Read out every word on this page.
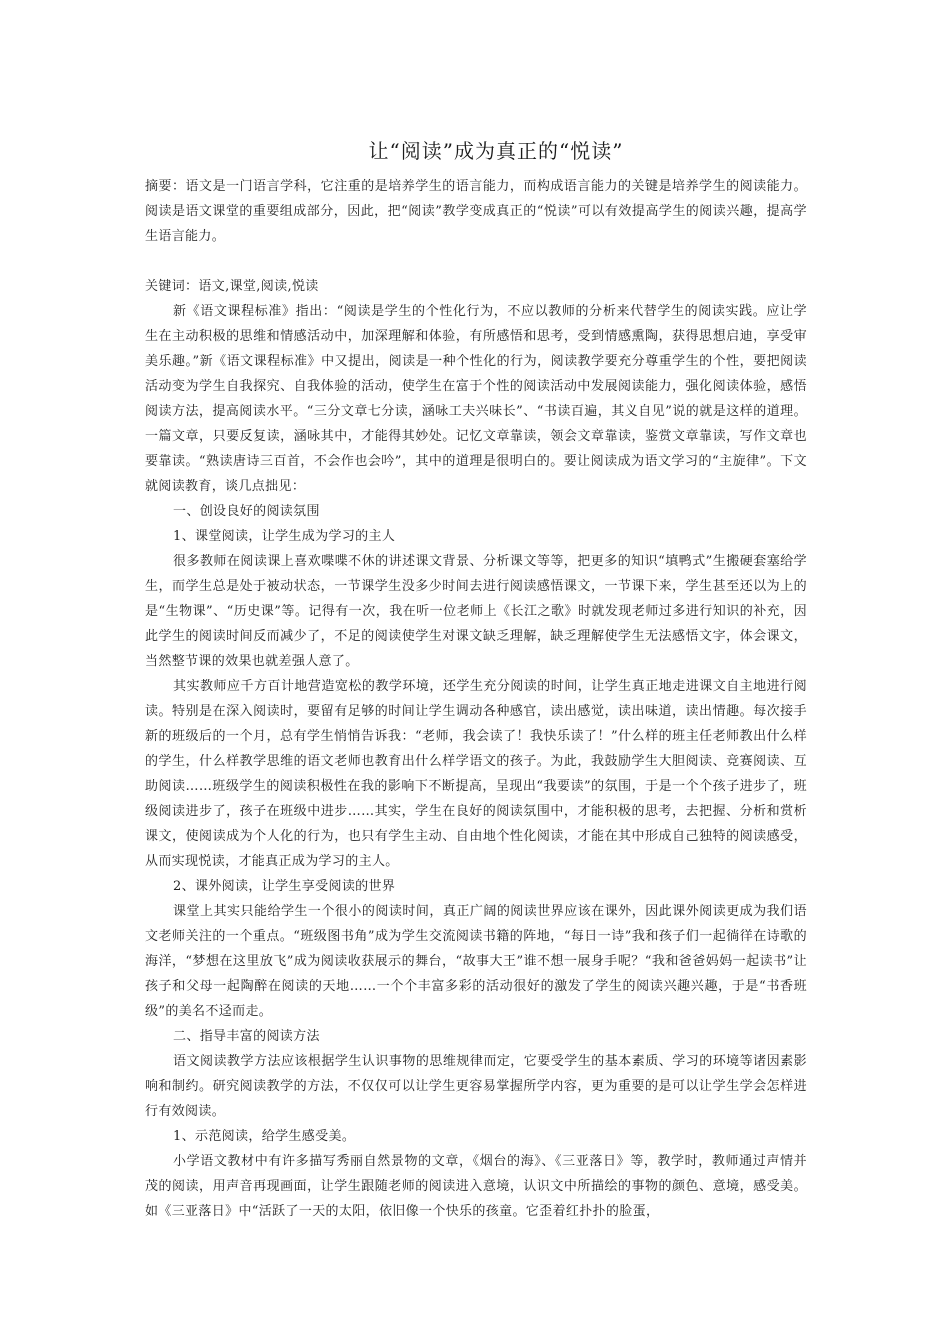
让“阅读”成为真正的“悦读”

摘要：语文是一门语言学科，它注重的是培养学生的语言能力，而构成语言能力的关键是培养学生的阅读能力。阅读是语文课堂的重要组成部分，因此，把“阅读”教学变成真正的“悦读”可以有效提高学生的阅读兴趣，提高学生语言能力。

关键词：语文,课堂,阅读,悦读

新《语文课程标准》指出：“阅读是学生的个性化行为，不应以教师的分析来代替学生的阅读实践。应让学生在主动积极的思维和情感活动中，加深理解和体验，有所感悟和思考，受到情感熏陶，获得思想启迪，享受审美乐趣。”新《语文课程标准》中又提出，阅读是一种个性化的行为，阅读教学要充分尊重学生的个性，要把阅读活动变为学生自我探究、自我体验的活动，使学生在富于个性的阅读活动中发展阅读能力，强化阅读体验，感悟阅读方法，提高阅读水平。“三分文章七分读，涵咏工夫兴味长”、“书读百遍，其义自见”说的就是这样的道理。一篇文章，只要反复读，涵咏其中，才能得其妙处。记忆文章靠读，领会文章靠读，鉴赏文章靠读，写作文章也要靠读。“熟读唐诗三百首，不会作也会吟”，其中的道理是很明白的。要让阅读成为语文学习的“主旋律”。下文就阅读教育，谈几点拙见：

一、创设良好的阅读氛围

1、课堂阅读，让学生成为学习的主人

很多教师在阅读课上喜欢喋喋不休的讲述课文背景、分析课文等等，把更多的知识“填鸭式”生搬硬套塞给学生，而学生总是处于被动状态，一节课学生没多少时间去进行阅读感悟课文，一节课下来，学生甚至还以为上的是“生物课”、“历史课”等。记得有一次，我在听一位老师上《长江之歌》时就发现老师过多进行知识的补充，因此学生的阅读时间反而减少了，不足的阅读使学生对课文缺乏理解，缺乏理解使学生无法感悟文字，体会课文，当然整节课的效果也就差强人意了。

其实教师应千方百计地营造宽松的教学环境，还学生充分阅读的时间，让学生真正地走进课文自主地进行阅读。特别是在深入阅读时，要留有足够的时间让学生调动各种感官，读出感觉，读出味道，读出情趣。每次接手新的班级后的一个月，总有学生悄悄告诉我：“老师，我会读了！我快乐读了！”什么样的班主任老师教出什么样的学生，什么样教学思维的语文老师也教育出什么样学语文的孩子。为此，我鼓励学生大胆阅读、竞赛阅读、互助阅读……班级学生的阅读积极性在我的影响下不断提高，呈现出“我要读”的氛围，于是一个个孩子进步了，班级阅读进步了，孩子在班级中进步……其实，学生在良好的阅读氛围中，才能积极的思考，去把握、分析和赏析课文，使阅读成为个人化的行为，也只有学生主动、自由地个性化阅读，才能在其中形成自己独特的阅读感受，从而实现悦读，才能真正成为学习的主人。

2、课外阅读，让学生享受阅读的世界

课堂上其实只能给学生一个很小的阅读时间，真正广阔的阅读世界应该在课外，因此课外阅读更成为我们语文老师关注的一个重点。“班级图书角”成为学生交流阅读书籍的阵地，“每日一诗”我和孩子们一起徜徉在诗歌的海洋，“梦想在这里放飞”成为阅读收获展示的舞台，“故事大王”谁不想一展身手呢？“我和爸爸妈妈一起读书”让孩子和父母一起陶醉在阅读的天地……一个个丰富多彩的活动很好的激发了学生的阅读兴趣兴趣，于是“书香班级”的美名不迳而走。

二、指导丰富的阅读方法

语文阅读教学方法应该根据学生认识事物的思维规律而定，它要受学生的基本素质、学习的环境等诸因素影响和制约。研究阅读教学的方法，不仅仅可以让学生更容易掌握所学内容，更为重要的是可以让学生学会怎样进行有效阅读。

1、示范阅读，给学生感受美。

小学语文教材中有许多描写秀丽自然景物的文章，《烟台的海》、《三亚落日》等，教学时，教师通过声情并茂的阅读，用声音再现画面，让学生跟随老师的阅读进入意境，认识文中所描绘的事物的颜色、意境，感受美。如《三亚落日》中“活跃了一天的太阳，依旧像一个快乐的孩童。它歪着红扑扑的脸蛋，
